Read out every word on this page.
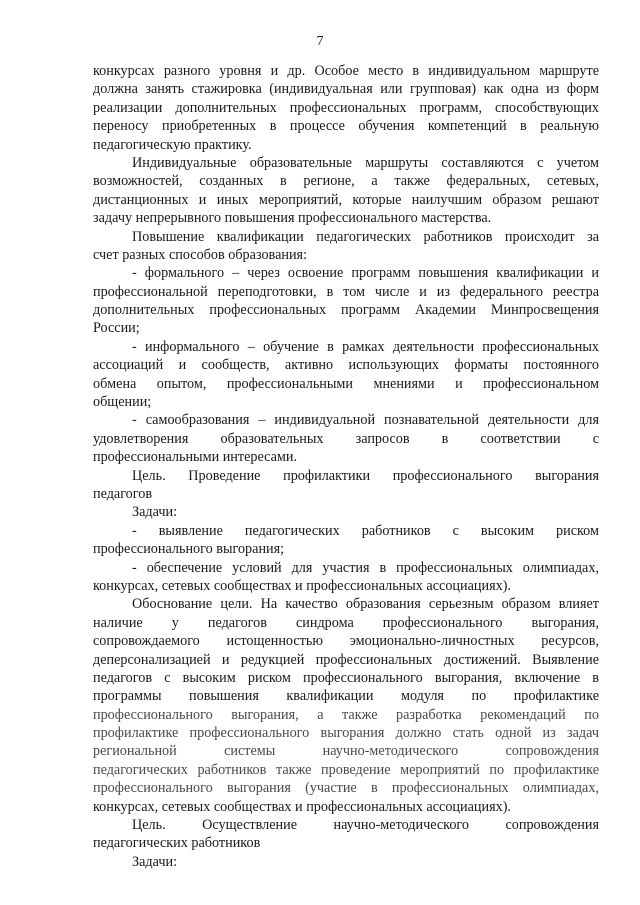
7
конкурсах разного уровня и др. Особое место в индивидуальном маршруте
должна занять стажировка (индивидуальная или групповая) как одна из форм
реализации дополнительных профессиональных программ, способствующих
переносу приобретенных в процессе обучения компетенций в реальную
педагогическую практику.
Индивидуальные образовательные маршруты составляются с учетом
возможностей, созданных в регионе, а также федеральных, сетевых,
дистанционных и иных мероприятий, которые наилучшим образом решают
задачу непрерывного повышения профессионального мастерства.
Повышение квалификации педагогических работников происходит за
счет разных способов образования:
- формального – через освоение программ повышения квалификации и
профессиональной переподготовки, в том числе и из федерального реестра
дополнительных профессиональных программ Академии Минпросвещения
России;
- информального – обучение в рамках деятельности профессиональных
ассоциаций и сообществ, активно использующих форматы постоянного
обмена опытом, профессиональными мнениями и профессиональном
общении;
- самообразования – индивидуальной познавательной деятельности для
удовлетворения образовательных запросов в соответствии с
профессиональными интересами.
Цель. Проведение профилактики профессионального выгорания
педагогов
Задачи:
- выявление педагогических работников с высоким риском
профессионального выгорания;
- обеспечение условий для участия в профессиональных олимпиадах,
конкурсах, сетевых сообществах и профессиональных ассоциациях).
Обоснование цели. На качество образования серьезным образом влияет
наличие у педагогов синдрома профессионального выгорания,
сопровождаемого истощенностью эмоционально-личностных ресурсов,
деперсонализацией и редукцией профессиональных достижений. Выявление
педагогов с высоким риском профессионального выгорания, включение в
программы повышения квалификации модуля по профилактике
профессионального выгорания, а также разработка рекомендаций по
профилактике профессионального выгорания должно стать одной из задач
региональной системы научно-методического сопровождения
педагогических работников также проведение мероприятий по профилактике
профессионального выгорания (участие в профессиональных олимпиадах,
конкурсах, сетевых сообществах и профессиональных ассоциациях).
Цель. Осуществление научно-методического сопровождения
педагогических работников
Задачи:
